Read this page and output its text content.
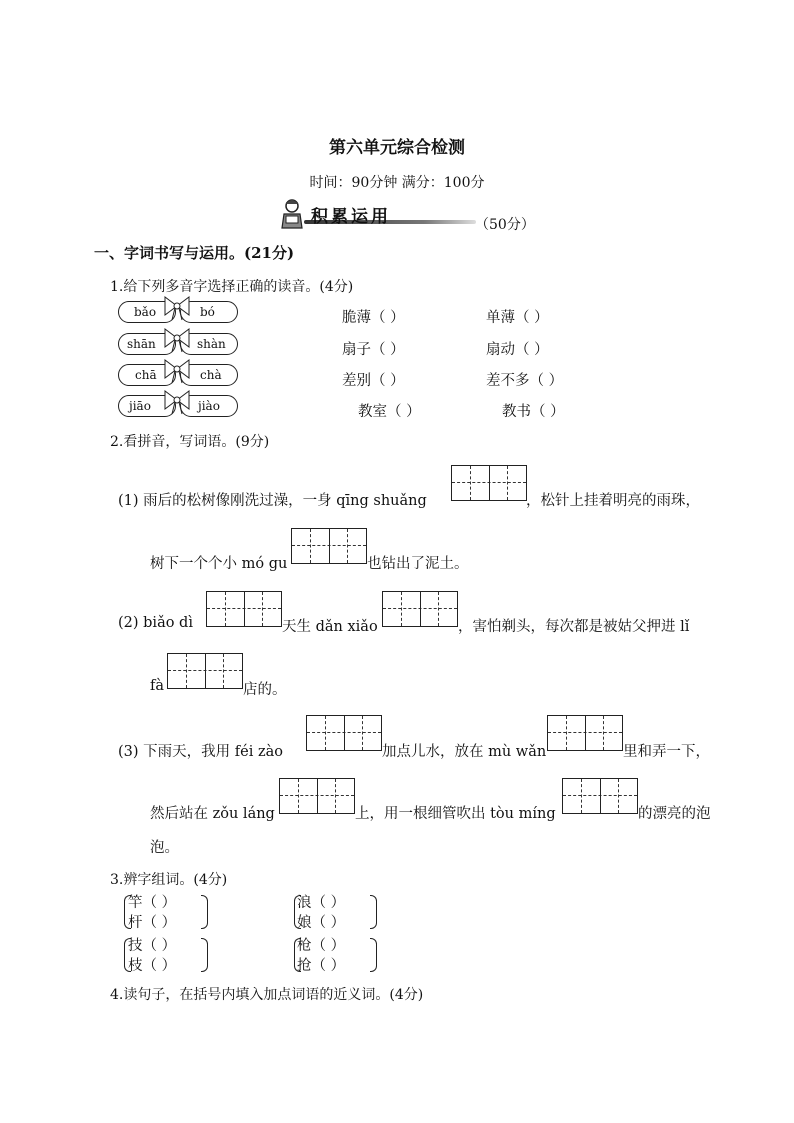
第六单元综合检测
时间：90分钟 满分：100分
积累运用	（50分）
一、字词书写与运用。(21分)
1.给下列多音字选择正确的读音。(4分)
bǎo	bó
shān	shàn
chā	chà
jiāo	jiào
脆薄（ ）	单薄（ ）
扇子（ ）	扇动（ ）
差别（ ）	差不多（ ）
教室（ ）	教书（ ）
2.看拼音，写词语。(9分)
(1) 雨后的松树像刚洗过澡，一身 qīng shuǎng	，松针上挂着明亮的雨珠，
树下一个个小 mó gu	也钻出了泥土。
(2) biǎo dì	天生 dǎn xiǎo	，害怕剃头，每次都是被姑父押进 lǐ
fà	店的。
(3) 下雨天，我用 féi zào	加点儿水，放在 mù wǎn	里和弄一下，
然后站在 zǒu láng	上，用一根细管吹出 tòu míng	的漂亮的泡
泡。
3.辨字组词。(4分)
竿（ ）
杆（ ）
浪（ ）
娘（ ）
技（ ）
枝（ ）
枪（ ）
抢（ ）
4.读句子，在括号内填入加点词语的近义词。(4分)
